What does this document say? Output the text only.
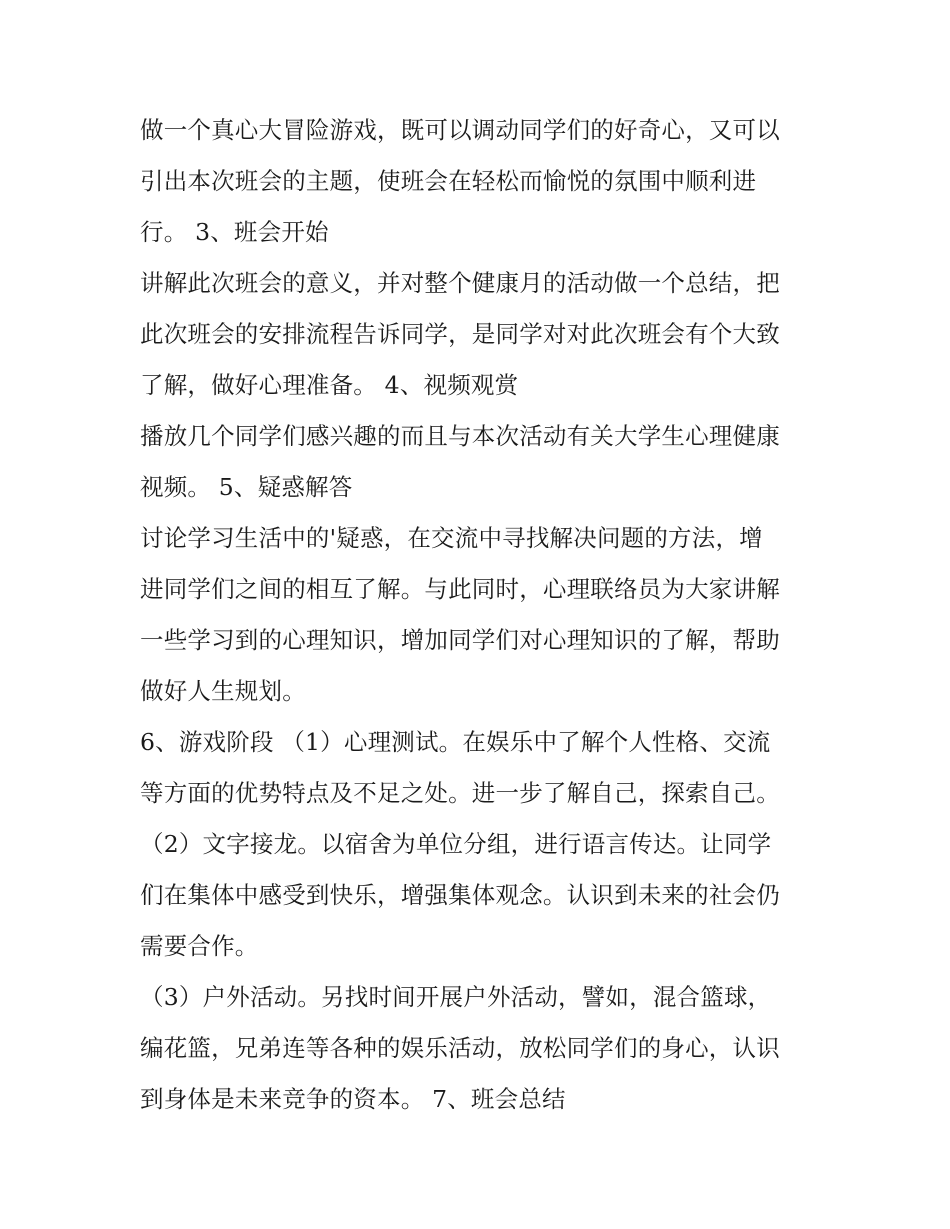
做一个真心大冒险游戏，既可以调动同学们的好奇心，又可以
引出本次班会的主题，使班会在轻松而愉悦的氛围中顺利进
行。 3、班会开始
讲解此次班会的意义，并对整个健康月的活动做一个总结，把
此次班会的安排流程告诉同学，是同学对对此次班会有个大致
了解，做好心理准备。 4、视频观赏
播放几个同学们感兴趣的而且与本次活动有关大学生心理健康
视频。 5、疑惑解答
讨论学习生活中的'疑惑，在交流中寻找解决问题的方法，增
进同学们之间的相互了解。与此同时，心理联络员为大家讲解
一些学习到的心理知识，增加同学们对心理知识的了解，帮助
做好人生规划。
6、游戏阶段 （1）心理测试。在娱乐中了解个人性格、交流
等方面的优势特点及不足之处。进一步了解自己，探索自己。
（2）文字接龙。以宿舍为单位分组，进行语言传达。让同学
们在集体中感受到快乐，增强集体观念。认识到未来的社会仍
需要合作。
（3）户外活动。另找时间开展户外活动，譬如，混合篮球，
编花篮，兄弟连等各种的娱乐活动，放松同学们的身心，认识
到身体是未来竞争的资本。 7、班会总结
